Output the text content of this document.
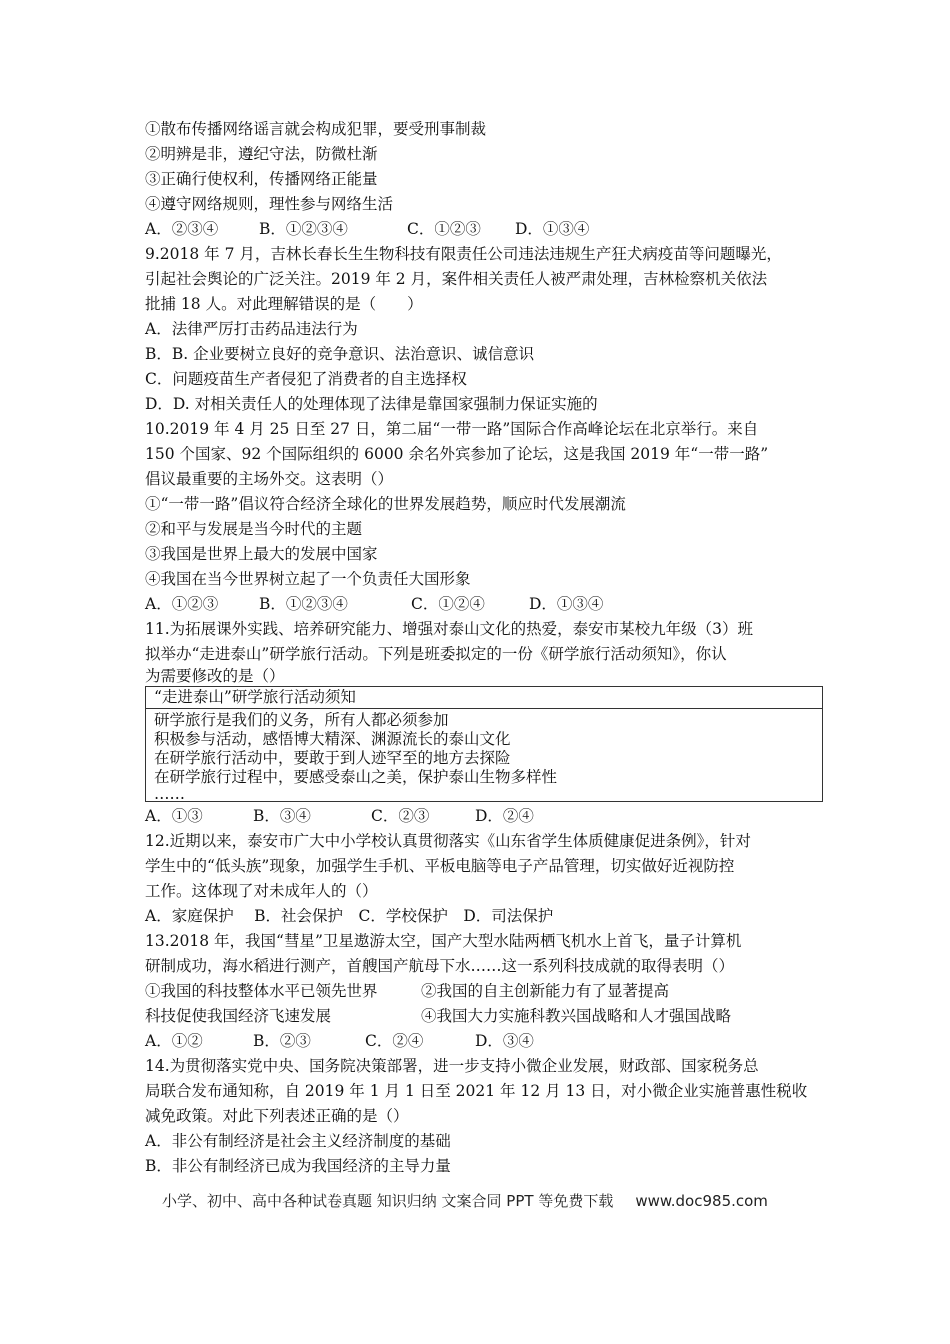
①散布传播网络谣言就会构成犯罪，要受刑事制裁
②明辨是非，遵纪守法，防微杜渐
③正确行使权利，传播网络正能量
④遵守网络规则，理性参与网络生活
A．②③④	B．①②③④	C．①②③ D．①③④
9.2018 年 7 月，吉林长春长生生物科技有限责任公司违法违规生产狂犬病疫苗等问题曝光，
引起社会舆论的广泛关注。2019 年 2 月，案件相关责任人被严肃处理，吉林检察机关依法
批捕 18 人。对此理解错误的是（　　）
A．法律严厉打击药品违法行为
B．B. 企业要树立良好的竞争意识、法治意识、诚信意识
C．问题疫苗生产者侵犯了消费者的自主选择权
D．D. 对相关责任人的处理体现了法律是靠国家强制力保证实施的
10.2019 年 4 月 25 日至 27 日，第二届“一带一路”国际合作高峰论坛在北京举行。来自
150 个国家、92 个国际组织的 6000 余名外宾参加了论坛，这是我国 2019 年“一带一路”
倡议最重要的主场外交。这表明（）
①“一带一路”倡议符合经济全球化的世界发展趋势，顺应时代发展潮流
②和平与发展是当今时代的主题
③我国是世界上最大的发展中国家
④我国在当今世界树立起了一个负责任大国形象
A．①②③	B．①②③④	C．①②④	D．①③④
11.为拓展课外实践、培养研究能力、增强对泰山文化的热爱，泰安市某校九年级（3）班
拟举办“走进泰山”研学旅行活动。下列是班委拟定的一份《研学旅行活动须知》，你认
为需要修改的是（）
“走进泰山”研学旅行活动须知
研学旅行是我们的义务，所有人都必须参加
积极参与活动，感悟博大精深、渊源流长的泰山文化
在研学旅行活动中，要敢于到人迹罕至的地方去探险
在研学旅行过程中，要感受泰山之美，保护泰山生物多样性
……
A．①③	B．③④	C．②③	D．②④
12.近期以来，泰安市广大中小学校认真贯彻落实《山东省学生体质健康促进条例》，针对
学生中的“低头族”现象，加强学生手机、平板电脑等电子产品管理，切实做好近视防控
工作。这体现了对未成年人的（）
A．家庭保护　 B．社会保护　C．学校保护　D．司法保护
13.2018 年，我国“彗星”卫星遨游太空，国产大型水陆两栖飞机水上首飞，量子计算机
研制成功，海水稻进行测产，首艘国产航母下水……这一系列科技成就的取得表明（）
①我国的科技整体水平已领先世界	②我国的自主创新能力有了显著提高
科技促使我国经济飞速发展	④我国大力实施科教兴国战略和人才强国战略
A．①②	B．②③	C．②④	D．③④
14.为贯彻落实党中央、国务院决策部署，进一步支持小微企业发展，财政部、国家税务总
局联合发布通知称，自 2019 年 1 月 1 日至 2021 年 12 月 13 日，对小微企业实施普惠性税收
减免政策。对此下列表述正确的是（）
A．非公有制经济是社会主义经济制度的基础
B．非公有制经济已成为我国经济的主导力量
小学、初中、高中各种试卷真题 知识归纳 文案合同 PPT 等免费下载 www.doc985.com
